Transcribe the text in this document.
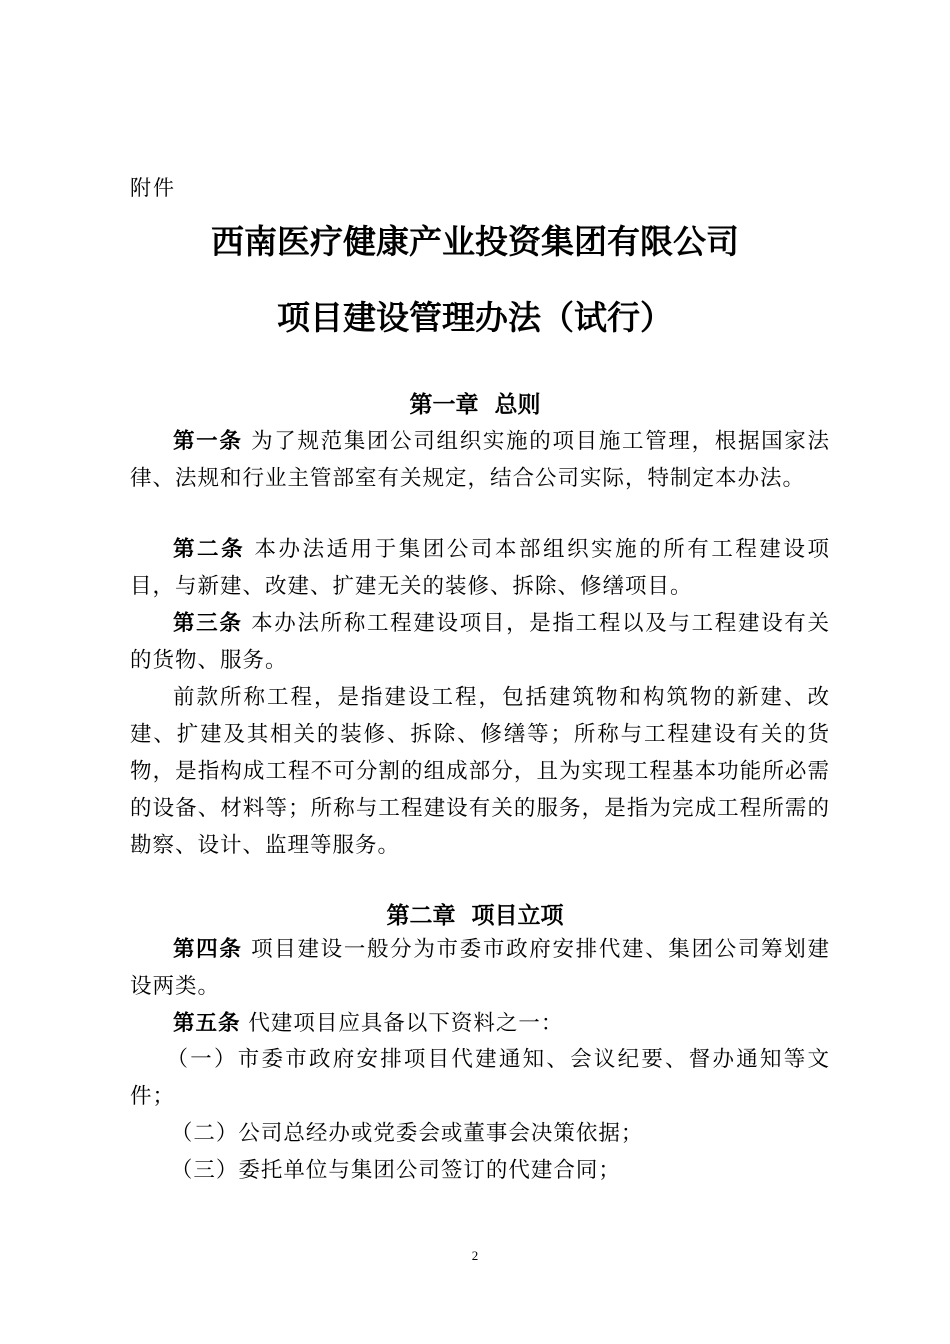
附件
西南医疗健康产业投资集团有限公司
项目建设管理办法（试行）
第一章  总则

第一条 为了规范集团公司组织实施的项目施工管理，根据国家法律、法规和行业主管部室有关规定，结合公司实际，特制定本办法。

第二条 本办法适用于集团公司本部组织实施的所有工程建设项目，与新建、改建、扩建无关的装修、拆除、修缮项目。

第三条 本办法所称工程建设项目，是指工程以及与工程建设有关的货物、服务。

前款所称工程，是指建设工程，包括建筑物和构筑物的新建、改建、扩建及其相关的装修、拆除、修缮等；所称与工程建设有关的货物，是指构成工程不可分割的组成部分，且为实现工程基本功能所必需的设备、材料等；所称与工程建设有关的服务，是指为完成工程所需的勘察、设计、监理等服务。

第二章  项目立项

第四条 项目建设一般分为市委市政府安排代建、集团公司筹划建设两类。

第五条 代建项目应具备以下资料之一：

（一）市委市政府安排项目代建通知、会议纪要、督办通知等文件；

（二）公司总经办或党委会或董事会决策依据；

（三）委托单位与集团公司签订的代建合同；

2
